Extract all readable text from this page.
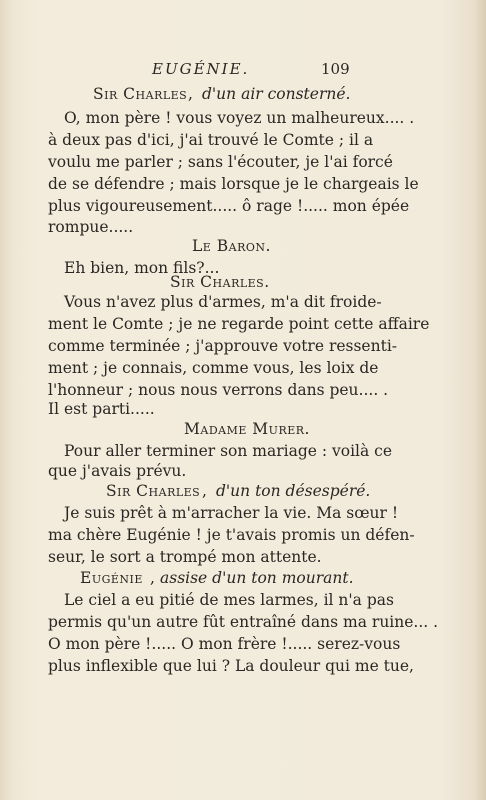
EUGÉNIE.	109
Sir Charles , d'un air consterné.
O, mon père ! vous voyez un malheureux.... .
à deux pas d'ici, j'ai trouvé le Comte ; il a
voulu me parler ; sans l'écouter, je l'ai forcé
de se défendre ; mais lorsque je le chargeais le
plus vigoureusement..... ô rage !..... mon épée
rompue.....
Le Baron.
Eh bien, mon fils?...
Sir Charles.
Vous n'avez plus d'armes, m'a dit froide-
ment le Comte ; je ne regarde point cette affaire
comme terminée ; j'approuve votre ressenti-
ment ; je connais, comme vous, les loix de
l'honneur ; nous nous verrons dans peu.... .
Il est parti.....
Madame Murer.
Pour aller terminer son mariage : voilà ce
que j'avais prévu.
Sir Charles , d'un ton désespéré.
Je suis prêt à m'arracher la vie. Ma sœur !
ma chère Eugénie ! je t'avais promis un défen-
seur, le sort a trompé mon attente.
Eugénie , assise d'un ton mourant.
Le ciel a eu pitié de mes larmes, il n'a pas
permis qu'un autre fût entraîné dans ma ruine... .
O mon père !..... O mon frère !..... serez-vous
plus inflexible que lui ? La douleur qui me tue,
